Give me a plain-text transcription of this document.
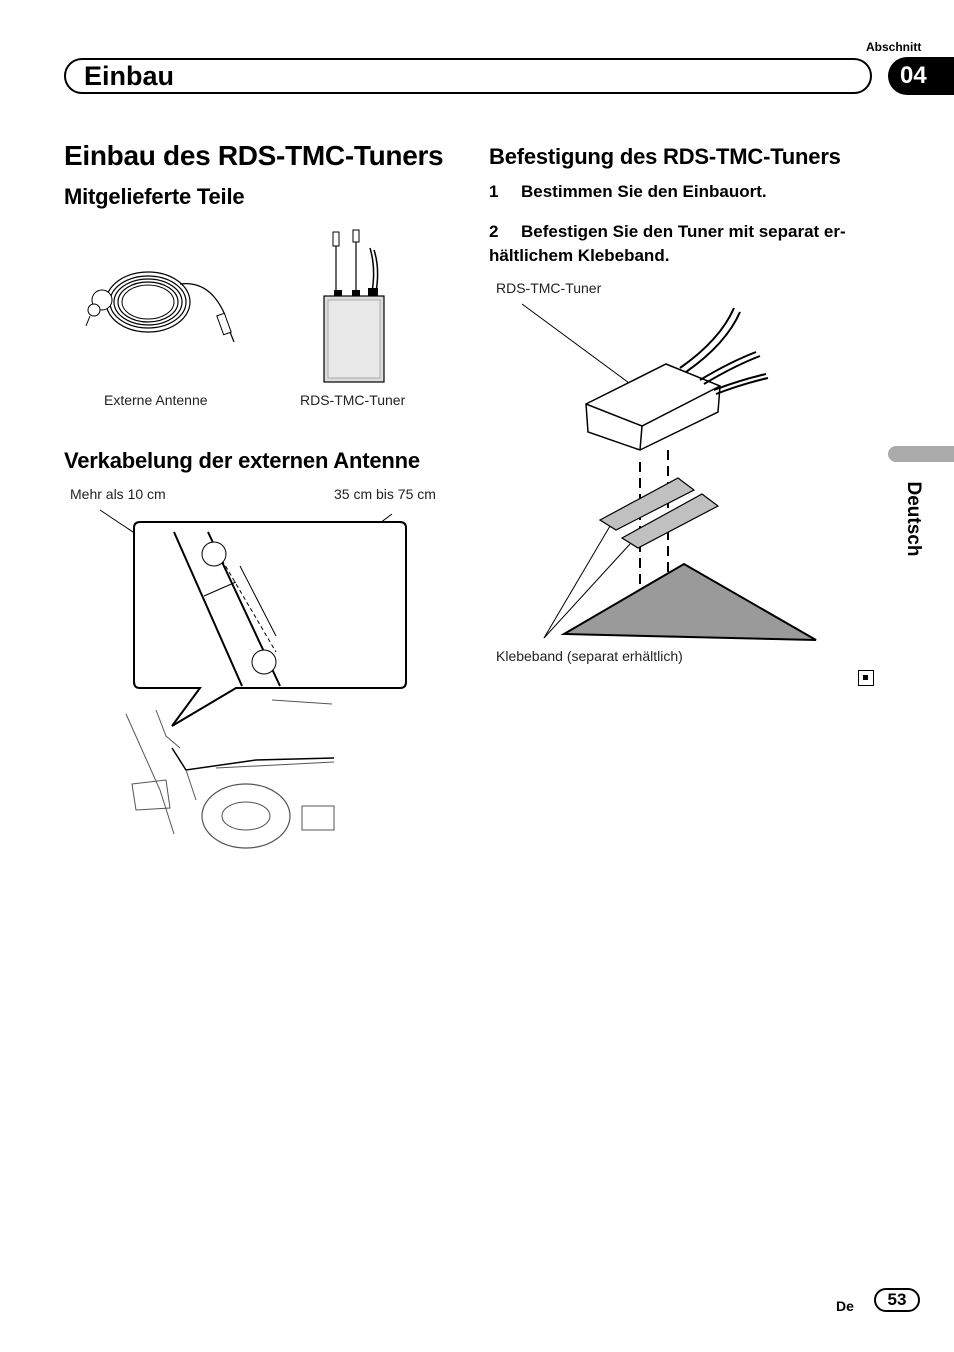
Abschnitt
Einbau	04
Einbau des RDS-TMC-Tuners
Mitgelieferte Teile
Externe Antenne	RDS-TMC-Tuner
Verkabelung der externen Antenne
Mehr als 10 cm	35 cm bis 75 cm
Befestigung des RDS-TMC-Tuners
1 Bestimmen Sie den Einbauort.
2 Befestigen Sie den Tuner mit separat er-hältlichem Klebeband.
RDS-TMC-Tuner
Klebeband (separat erhältlich)
Deutsch
De	53
